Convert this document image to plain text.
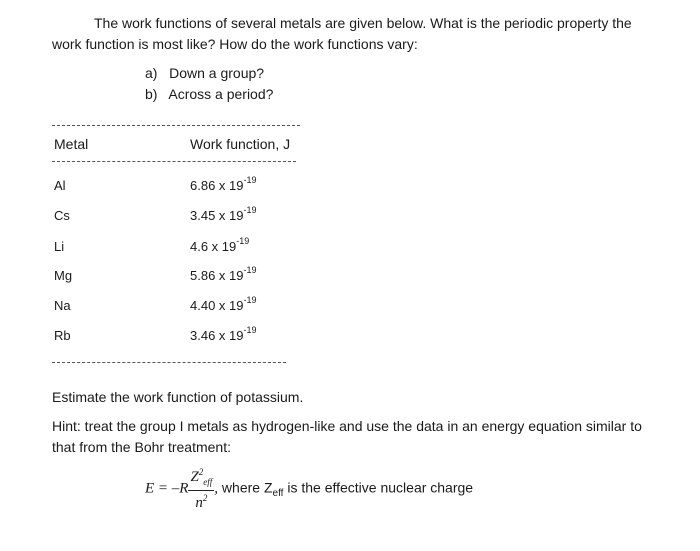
The work functions of several metals are given below. What is the periodic property the
work function is most like? How do the work functions vary:
a) Down a group?
b) Across a period?
Metal	Work function, J
Al	6.86 x $19^{-19}$
Cs	3.45 x $19^{-19}$
Li	4.6 x $19^{-19}$
Mg	5.86 x $19^{-19}$
Na	4.40 x $19^{-19}$
Rb	3.46 x $19^{-19}$
Estimate the work function of potassium.
Hint: treat the group I metals as hydrogen-like and use the data in an energy equation similar to
that from the Bohr treatment:
$E = -R \frac{Z^2_{eff}}{n^2}$ , where $Z_{eff}$ is the effective nuclear charge
